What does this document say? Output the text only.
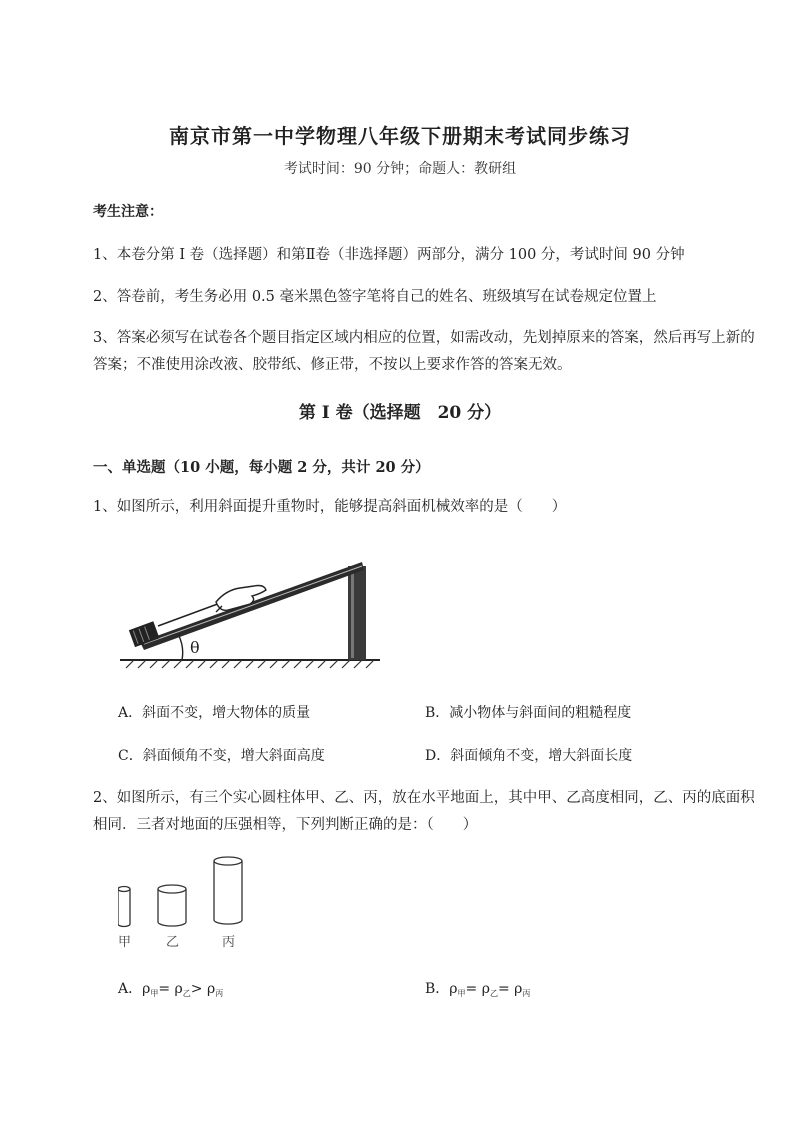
南京市第一中学物理八年级下册期末考试同步练习
考试时间：90 分钟；命题人：教研组
考生注意：
1、本卷分第 I 卷（选择题）和第Ⅱ卷（非选择题）两部分，满分 100 分，考试时间 90 分钟
2、答卷前，考生务必用 0.5 毫米黑色签字笔将自己的姓名、班级填写在试卷规定位置上
3、答案必须写在试卷各个题目指定区域内相应的位置，如需改动，先划掉原来的答案，然后再写上新的答案；不准使用涂改液、胶带纸、修正带，不按以上要求作答的答案无效。
第 I 卷（选择题　20 分）
一、单选题（10 小题，每小题 2 分，共计 20 分）
1、如图所示，利用斜面提升重物时，能够提高斜面机械效率的是（　　）
θ
A．斜面不变，增大物体的质量	B．减小物体与斜面间的粗糙程度
C．斜面倾角不变，增大斜面高度	D．斜面倾角不变，增大斜面长度
2、如图所示，有三个实心圆柱体甲、乙、丙，放在水平地面上，其中甲、乙高度相同，乙、丙的底面积相同．三者对地面的压强相等，下列判断正确的是：（　　）
甲	乙	丙
A．$\rho_甲= \rho_乙> \rho_丙$	B．$\rho_甲= \rho_乙= \rho_丙$
